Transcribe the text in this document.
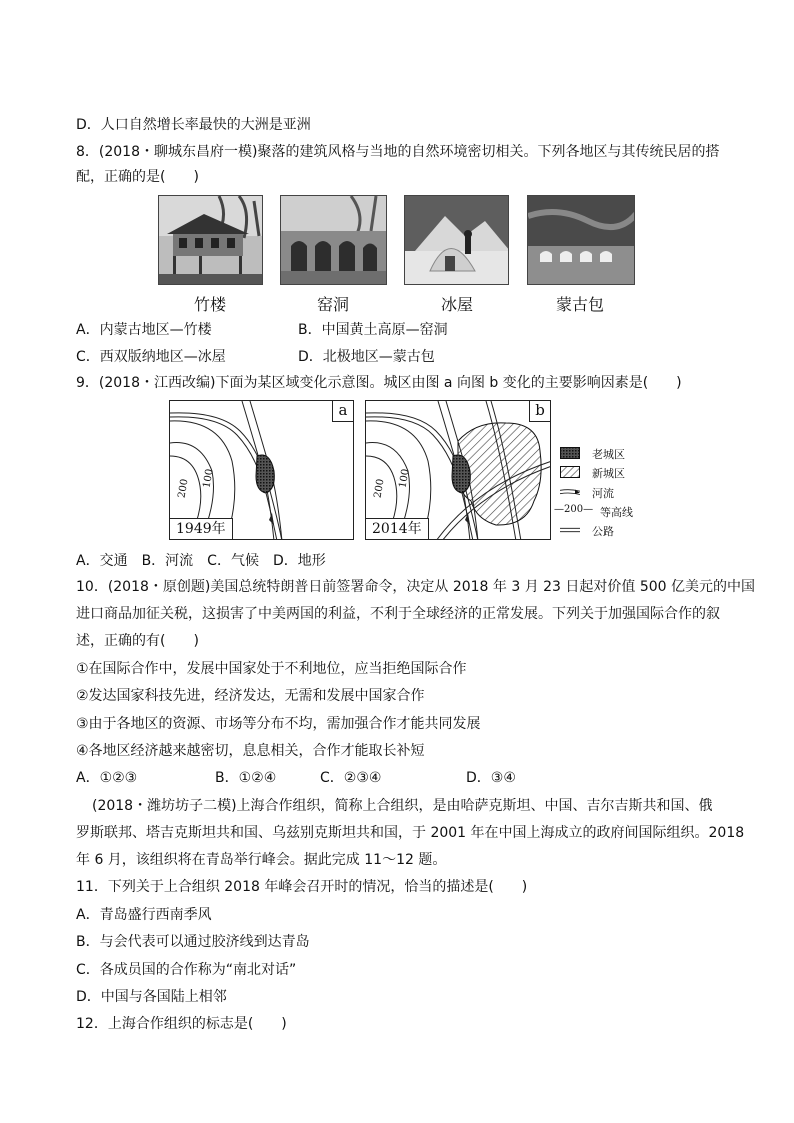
D．人口自然增长率最快的大洲是亚洲
8．(2018・聊城东昌府一模)聚落的建筑风格与当地的自然环境密切相关。下列各地区与其传统民居的搭
配，正确的是(　　)
竹楼	窑洞	冰屋	蒙古包
A．内蒙古地区—竹楼	B．中国黄土高原—窑洞
C．西双版纳地区—冰屋	D．北极地区—蒙古包
9．(2018・江西改编)下面为某区域变化示意图。城区由图 a 向图 b 变化的主要影响因素是(　　)
a
1949年
200 100
b
2014年
200 100
老城区
新城区
河流
—200— 等高线
公路
A．交通　B．河流　C．气候　D．地形
10．(2018・原创题)美国总统特朗普日前签署命令，决定从 2018 年 3 月 23 日起对价值 500 亿美元的中国
进口商品加征关税，这损害了中美两国的利益，不利于全球经济的正常发展。下列关于加强国际合作的叙
述，正确的有(　　)
①在国际合作中，发展中国家处于不利地位，应当拒绝国际合作
②发达国家科技先进，经济发达，无需和发展中国家合作
③由于各地区的资源、市场等分布不均，需加强合作才能共同发展
④各地区经济越来越密切，息息相关，合作才能取长补短
A．①②③	B．①②④	C．②③④	D．③④
(2018・潍坊坊子二模)上海合作组织，简称上合组织，是由哈萨克斯坦、中国、吉尔吉斯共和国、俄
罗斯联邦、塔吉克斯坦共和国、乌兹别克斯坦共和国，于 2001 年在中国上海成立的政府间国际组织。2018
年 6 月，该组织将在青岛举行峰会。据此完成 11～12 题。
11．下列关于上合组织 2018 年峰会召开时的情况，恰当的描述是(　　)
A．青岛盛行西南季风
B．与会代表可以通过胶济线到达青岛
C．各成员国的合作称为“南北对话”
D．中国与各国陆上相邻
12．上海合作组织的标志是(　　)
